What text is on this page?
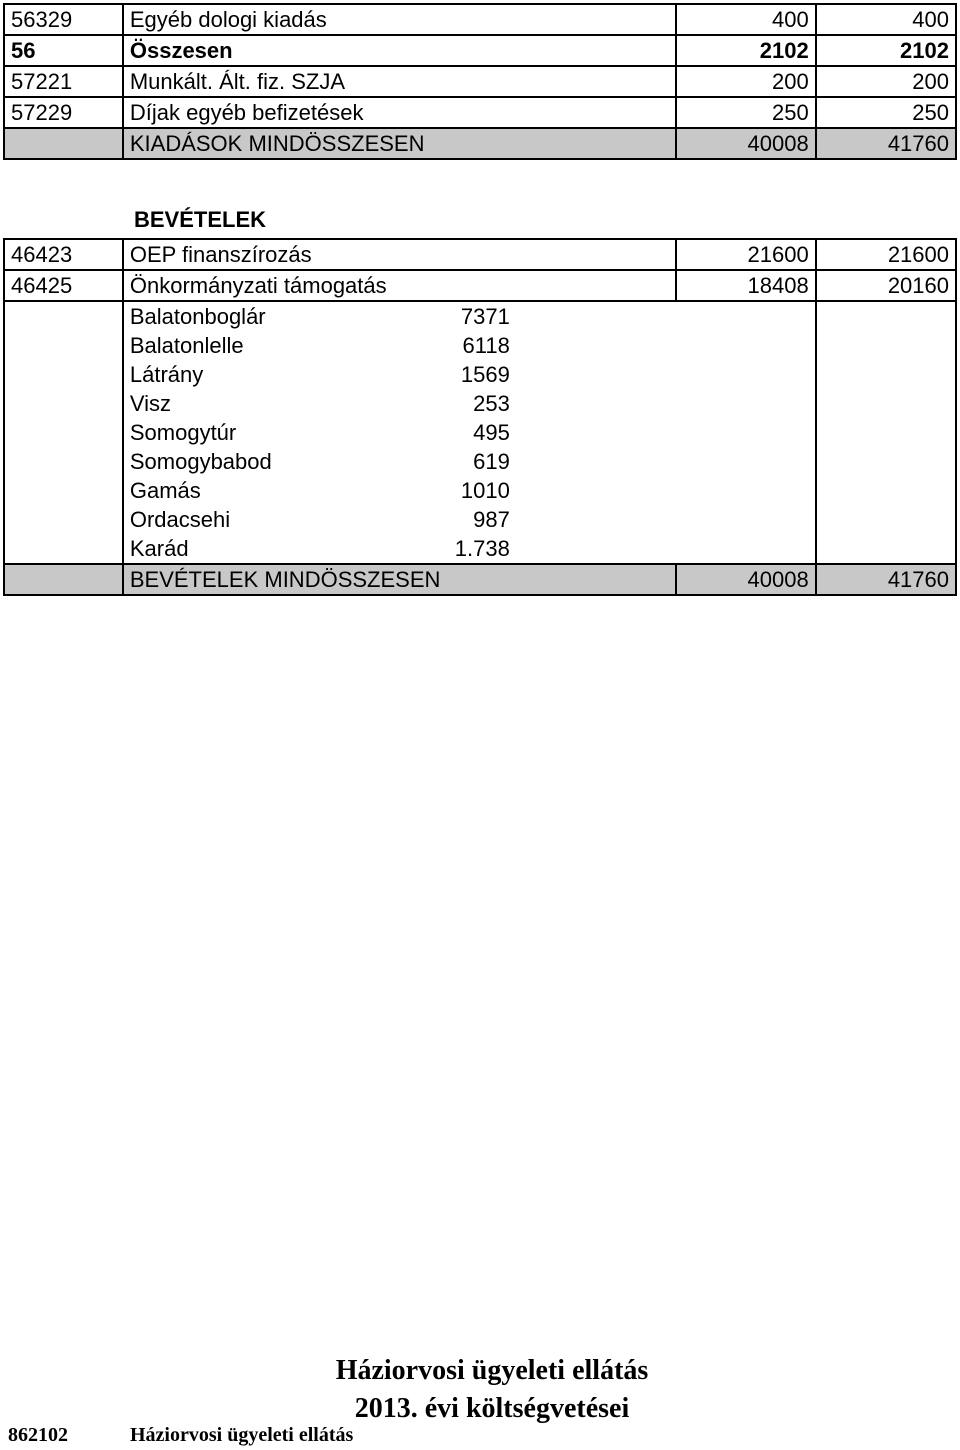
56329	Egyéb dologi kiadás	400	400
56	Összesen	2102	2102
57221	Munkált. Ált. fiz. SZJA	200	200
57229	Díjak egyéb befizetések	250	250
	KIADÁSOK MINDÖSSZESEN	40008	41760
BEVÉTELEK
46423	OEP finanszírozás	21600	21600
46425	Önkormányzati támogatás	18408	20160
	Balatonboglár 7371		
	Balatonlelle 6118		
	Látrány 1569		
	Visz 253		
	Somogytúr 495		
	Somogybabod 619		
	Gamás 1010		
	Ordacsehi 987		
	Karád 1.738		
	BEVÉTELEK MINDÖSSZESEN	40008	41760
Háziorvosi ügyeleti ellátás
2013. évi költségvetései
862102	Háziorvosi ügyeleti ellátás
